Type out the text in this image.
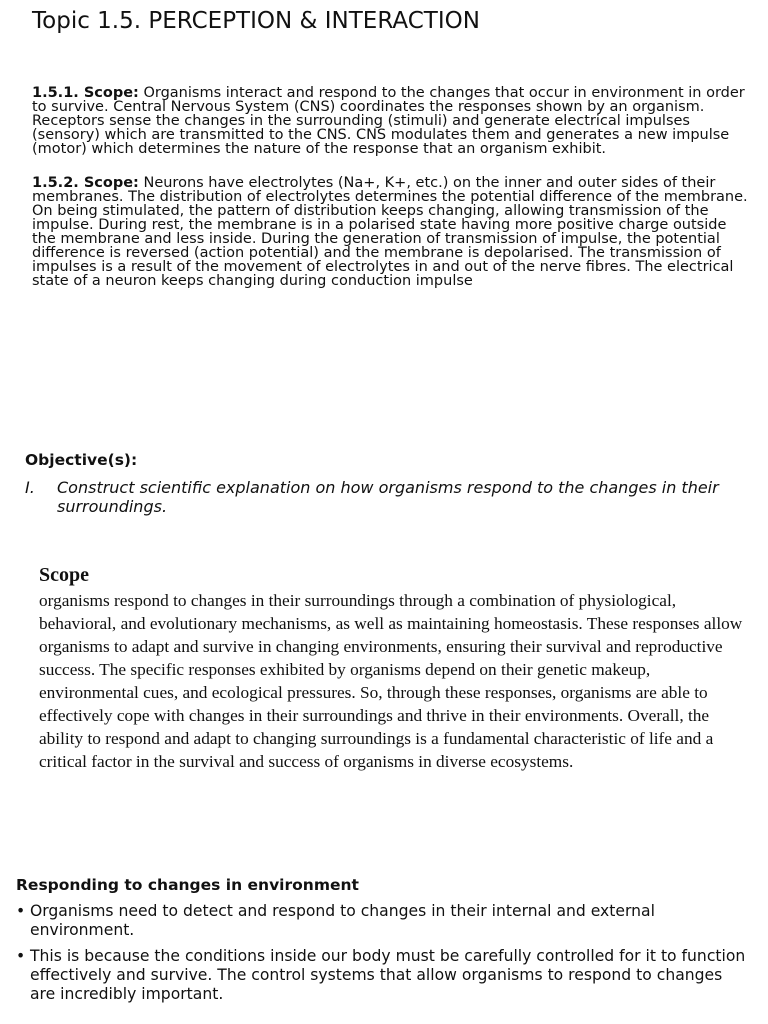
Topic 1.5. PERCEPTION & INTERACTION
1.5.1. Scope: Organisms interact and respond to the changes that occur in environment in order to survive. Central Nervous System (CNS) coordinates the responses shown by an organism. Receptors sense the changes in the surrounding (stimuli) and generate electrical impulses (sensory) which are transmitted to the CNS. CNS modulates them and generates a new impulse (motor) which determines the nature of the response that an organism exhibit.
1.5.2. Scope: Neurons have electrolytes (Na+, K+, etc.) on the inner and outer sides of their membranes. The distribution of electrolytes determines the potential difference of the membrane. On being stimulated, the pattern of distribution keeps changing, allowing transmission of the impulse. During rest, the membrane is in a polarised state having more positive charge outside the membrane and less inside. During the generation of transmission of impulse, the potential difference is reversed (action potential) and the membrane is depolarised. The transmission of impulses is a result of the movement of electrolytes in and out of the nerve fibres. The electrical state of a neuron keeps changing during conduction impulse
Objective(s):
I.	Construct scientific explanation on how organisms respond to the changes in their surroundings.
Scope
organisms respond to changes in their surroundings through a combination of physiological, behavioral, and evolutionary mechanisms, as well as maintaining homeostasis. These responses allow organisms to adapt and survive in changing environments, ensuring their survival and reproductive success. The specific responses exhibited by organisms depend on their genetic makeup, environmental cues, and ecological pressures. So, through these responses, organisms are able to effectively cope with changes in their surroundings and thrive in their environments. Overall, the ability to respond and adapt to changing surroundings is a fundamental characteristic of life and a critical factor in the survival and success of organisms in diverse ecosystems.
Responding to changes in environment
• Organisms need to detect and respond to changes in their internal and external environment.
• This is because the conditions inside our body must be carefully controlled for it to function effectively and survive. The control systems that allow organisms to respond to changes are incredibly important.
